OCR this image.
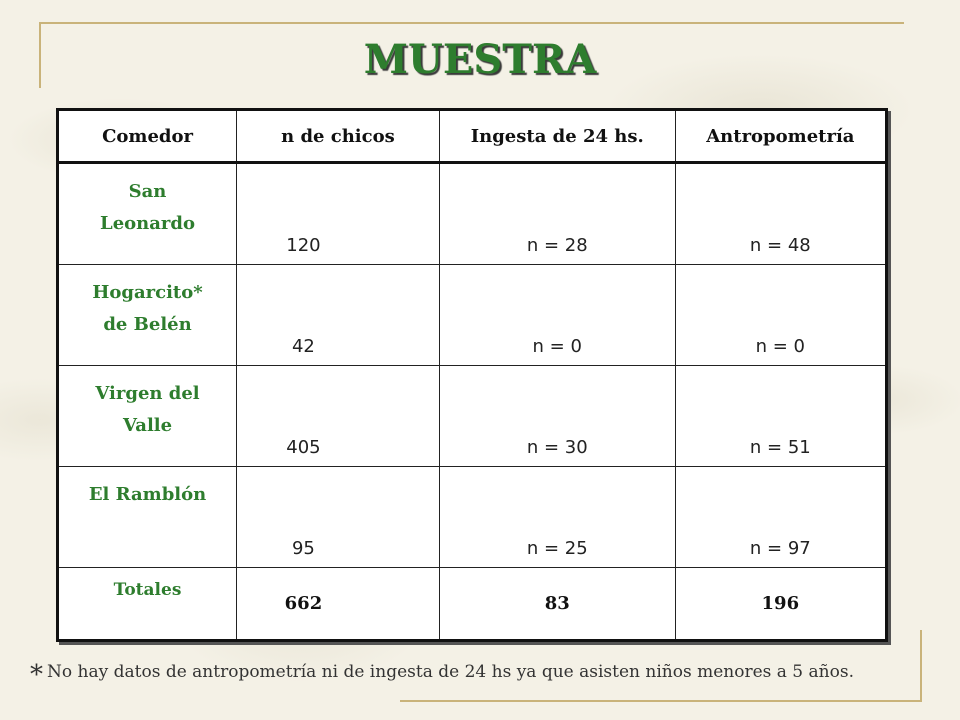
MUESTRA
Comedor	n de chicos	Ingesta de 24 hs.	Antropometría
San
Leonardo	120	n = 28	n = 48
Hogarcito*
de Belén	42	n = 0	n = 0
Virgen del
Valle	405	n = 30	n = 51
El Ramblón	95	n = 25	n = 97
Totales	662	83	196
* No hay datos de antropometría ni de ingesta de 24 hs ya que asisten niños menores a 5 años.
